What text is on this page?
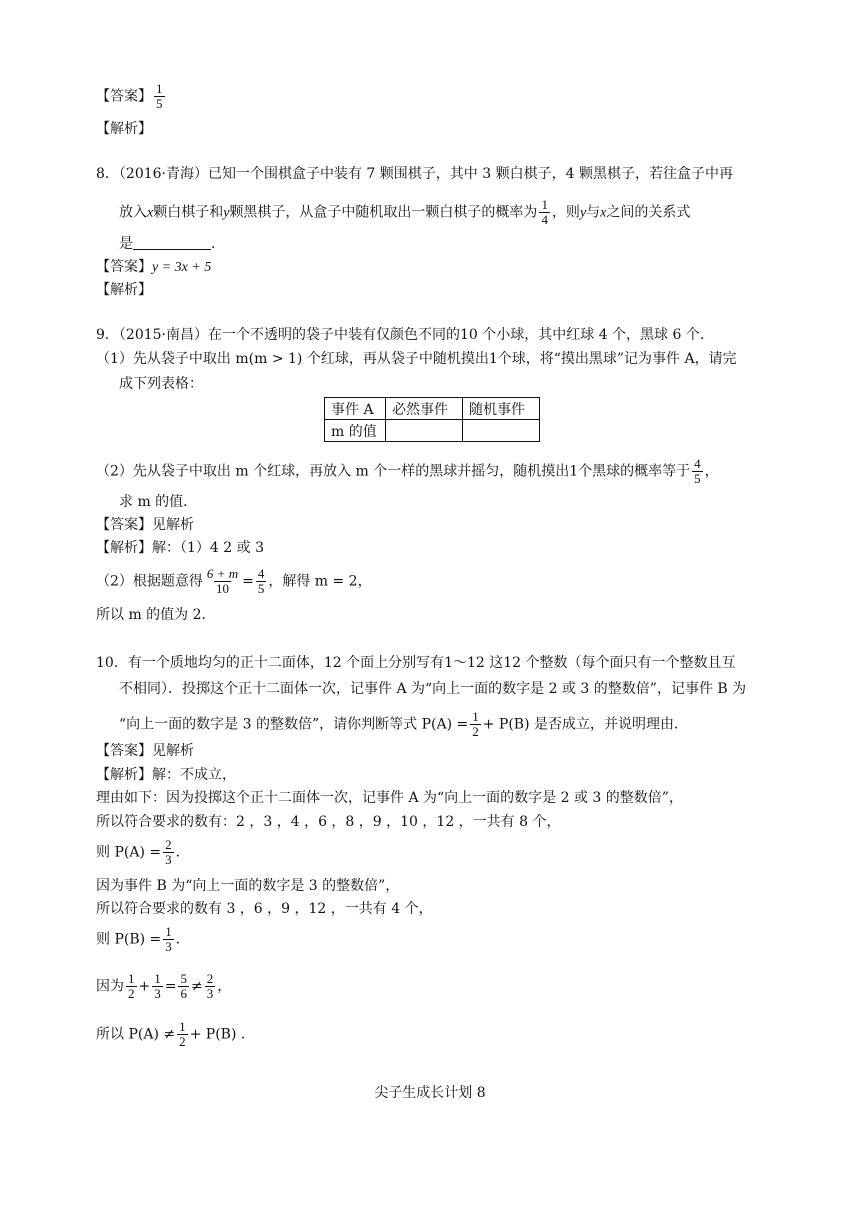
【答案】 $\frac{1}{5}$
【解析】
8．（2016·青海）已知一个围棋盒子中装有 7 颗围棋子，其中 3 颗白棋子，4 颗黑棋子，若往盒子中再
放入x颗白棋子和y颗黑棋子，从盒子中随机取出一颗白棋子的概率为 $\frac{1}{4}$ ，则y与x之间的关系式
是	．
【答案】y = 3x + 5
【解析】
9．（2015·南昌）在一个不透明的袋子中装有仅颜色不同的10 个小球，其中红球 4 个，黑球 6 个．
（1）先从袋子中取出 m(m > 1) 个红球，再从袋子中随机摸出1个球，将“摸出黑球”记为事件 A，请完
成下列表格：
事件 A	必然事件	随机事件
m 的值		
（2）先从袋子中取出 m 个红球，再放入 m 个一样的黑球并摇匀，随机摸出1个黑球的概率等于 $\frac{4}{5}$ ，
求 m 的值．
【答案】见解析
【解析】解：（1）4 2 或 3
（2）根据题意得 $\frac{6 + m}{10} = \frac{4}{5}$ ，解得 m = 2，
所以 m 的值为 2．
10．有一个质地均匀的正十二面体，12 个面上分别写有1～12 这12 个整数（每个面只有一个整数且互
不相同）．投掷这个正十二面体一次，记事件 A 为“向上一面的数字是 2 或 3 的整数倍”，记事件 B 为
“向上一面的数字是 3 的整数倍”，请你判断等式 $P(A) = \frac{1}{2} + P(B)$ 是否成立，并说明理由．
【答案】见解析
【解析】解：不成立，
理由如下：因为投掷这个正十二面体一次，记事件 A 为“向上一面的数字是 2 或 3 的整数倍”，
所以符合要求的数有：2 ，3 ，4 ，6 ，8 ，9 ，10 ，12 ，一共有 8 个，
则 $P(A) = \frac{2}{3}$ ．
因为事件 B 为“向上一面的数字是 3 的整数倍”，
所以符合要求的数有 3 ，6 ，9 ，12 ，一共有 4 个，
则 $P(B) = \frac{1}{3}$ ．
因为 $\frac{1}{2} + \frac{1}{3} = \frac{5}{6} \ne \frac{2}{3}$ ，
所以 $P(A) \ne \frac{1}{2} + P(B)$ ．
尖子生成长计划 8
